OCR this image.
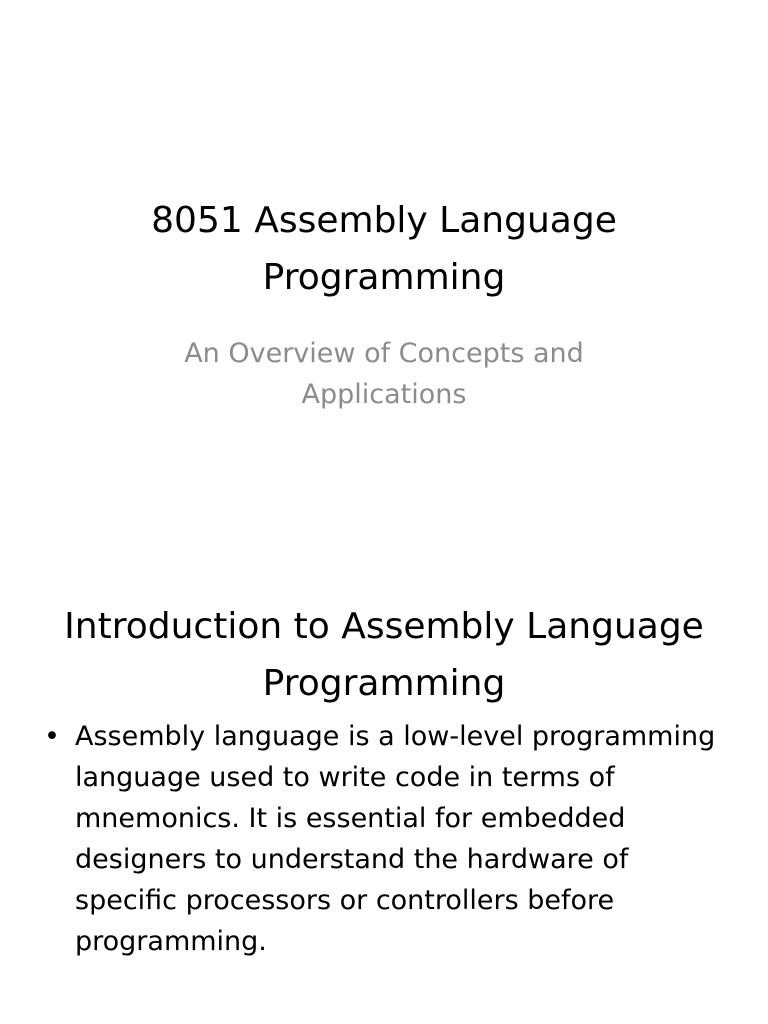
8051 Assembly Language Programming

An Overview of Concepts and Applications

Introduction to Assembly Language Programming
• Assembly language is a low-level programming language used to write code in terms of mnemonics. It is essential for embedded designers to understand the hardware of specific processors or controllers before programming.
